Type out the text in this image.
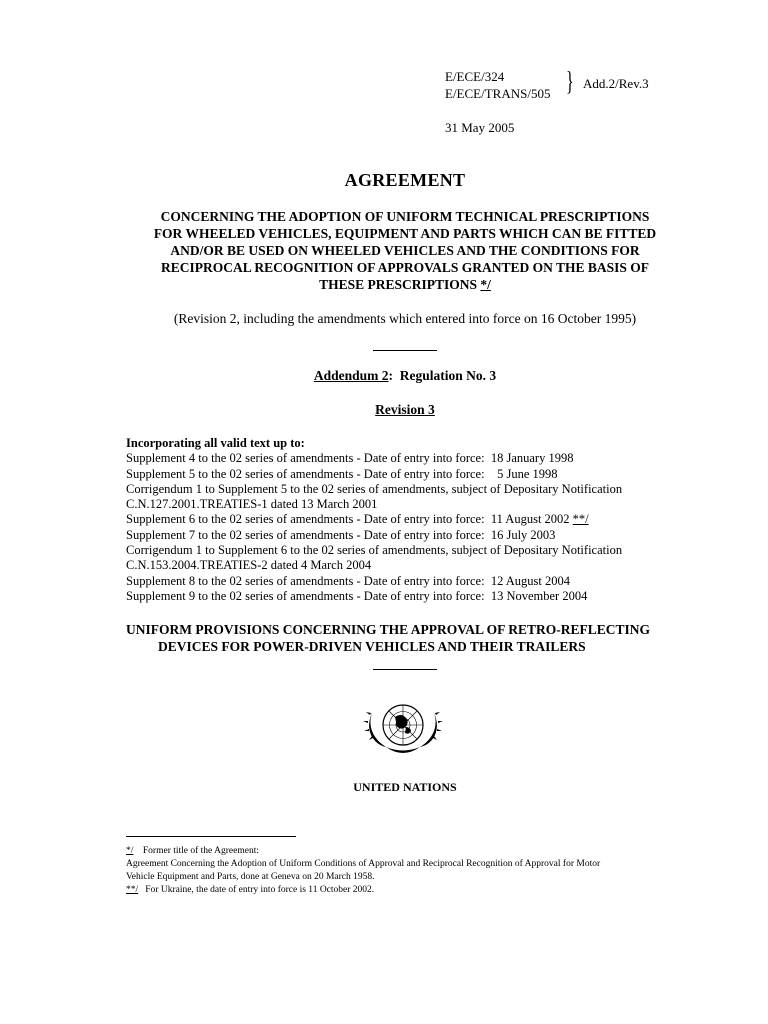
E/ECE/324
E/ECE/TRANS/505 } Add.2/Rev.3
31 May 2005
AGREEMENT
CONCERNING THE ADOPTION OF UNIFORM TECHNICAL PRESCRIPTIONS
FOR WHEELED VEHICLES, EQUIPMENT AND PARTS WHICH CAN BE FITTED
AND/OR BE USED ON WHEELED VEHICLES AND THE CONDITIONS FOR
RECIPROCAL RECOGNITION OF APPROVALS GRANTED ON THE BASIS OF
THESE PRESCRIPTIONS */
(Revision 2, including the amendments which entered into force on 16 October 1995)
Addendum 2: Regulation No. 3
Revision 3
Incorporating all valid text up to:
Supplement 4 to the 02 series of amendments - Date of entry into force:  18 January 1998
Supplement 5 to the 02 series of amendments - Date of entry into force:    5 June 1998
Corrigendum 1 to Supplement 5 to the 02 series of amendments, subject of Depositary Notification
C.N.127.2001.TREATIES-1 dated 13 March 2001
Supplement 6 to the 02 series of amendments - Date of entry into force:  11 August 2002 **/
Supplement 7 to the 02 series of amendments - Date of entry into force:  16 July 2003
Corrigendum 1 to Supplement 6 to the 02 series of amendments, subject of Depositary Notification
C.N.153.2004.TREATIES-2 dated 4 March 2004
Supplement 8 to the 02 series of amendments - Date of entry into force:  12 August 2004
Supplement 9 to the 02 series of amendments - Date of entry into force:  13 November 2004
UNIFORM PROVISIONS CONCERNING THE APPROVAL OF RETRO-REFLECTING
DEVICES FOR POWER-DRIVEN VEHICLES AND THEIR TRAILERS
UNITED NATIONS
*/ Former title of the Agreement:
Agreement Concerning the Adoption of Uniform Conditions of Approval and Reciprocal Recognition of Approval for Motor
Vehicle Equipment and Parts, done at Geneva on 20 March 1958.
**/ For Ukraine, the date of entry into force is 11 October 2002.
